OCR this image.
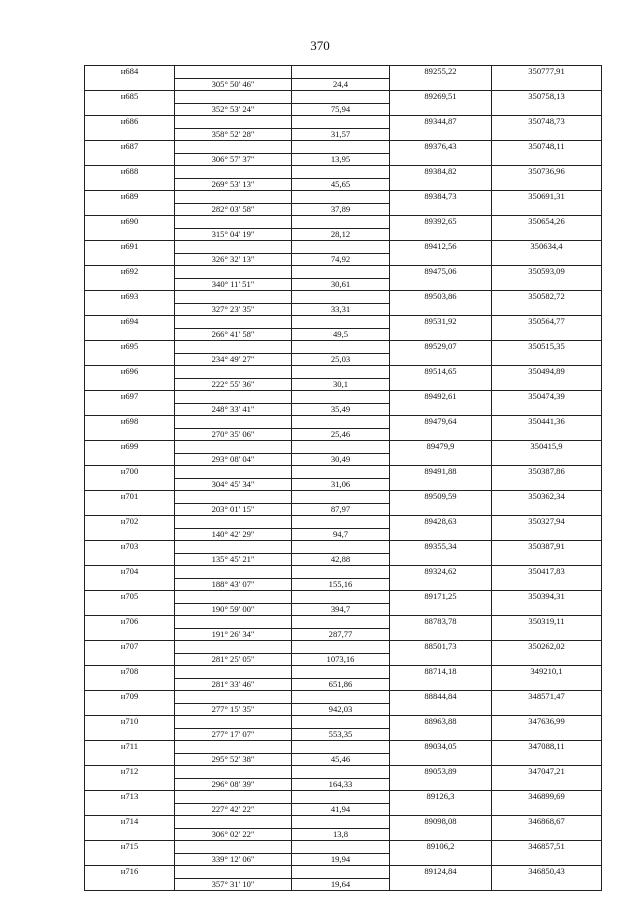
370
н684			89255,22	350777,91
	305° 50' 46"	24,4		
н685			89269,51	350758,13
	352° 53' 24"	75,94		
н686			89344,87	350748,73
	358° 52' 28"	31,57		
н687			89376,43	350748,11
	306° 57' 37"	13,95		
н688			89384,82	350736,96
	269° 53' 13"	45,65		
н689			89384,73	350691,31
	282° 03' 58"	37,89		
н690			89392,65	350654,26
	315° 04' 19"	28,12		
н691			89412,56	350634,4
	326° 32' 13"	74,92		
н692			89475,06	350593,09
	340° 11' 51"	30,61		
н693			89503,86	350582,72
	327° 23' 35"	33,31		
н694			89531,92	350564,77
	266° 41' 58"	49,5		
н695			89529,07	350515,35
	234° 49' 27"	25,03		
н696			89514,65	350494,89
	222° 55' 36"	30,1		
н697			89492,61	350474,39
	248° 33' 41"	35,49		
н698			89479,64	350441,36
	270° 35' 06"	25,46		
н699			89479,9	350415,9
	293° 08' 04"	30,49		
н700			89491,88	350387,86
	304° 45' 34"	31,06		
н701			89509,59	350362,34
	203° 01' 15"	87,97		
н702			89428,63	350327,94
	140° 42' 29"	94,7		
н703			89355,34	350387,91
	135° 45' 21"	42,88		
н704			89324,62	350417,83
	188° 43' 07"	155,16		
н705			89171,25	350394,31
	190° 59' 00"	394,7		
н706			88783,78	350319,11
	191° 26' 34"	287,77		
н707			88501,73	350262,02
	281° 25' 05"	1073,16		
н708			88714,18	349210,1
	281° 33' 46"	651,86		
н709			88844,84	348571,47
	277° 15' 35"	942,03		
н710			88963,88	347636,99
	277° 17' 07"	553,35		
н711			89034,05	347088,11
	295° 52' 38"	45,46		
н712			89053,89	347047,21
	296° 08' 39"	164,33		
н713			89126,3	346899,69
	227° 42' 22"	41,94		
н714			89098,08	346868,67
	306° 02' 22"	13,8		
н715			89106,2	346857,51
	339° 12' 06"	19,94		
н716			89124,84	346850,43
	357° 31' 10"	19,64		
